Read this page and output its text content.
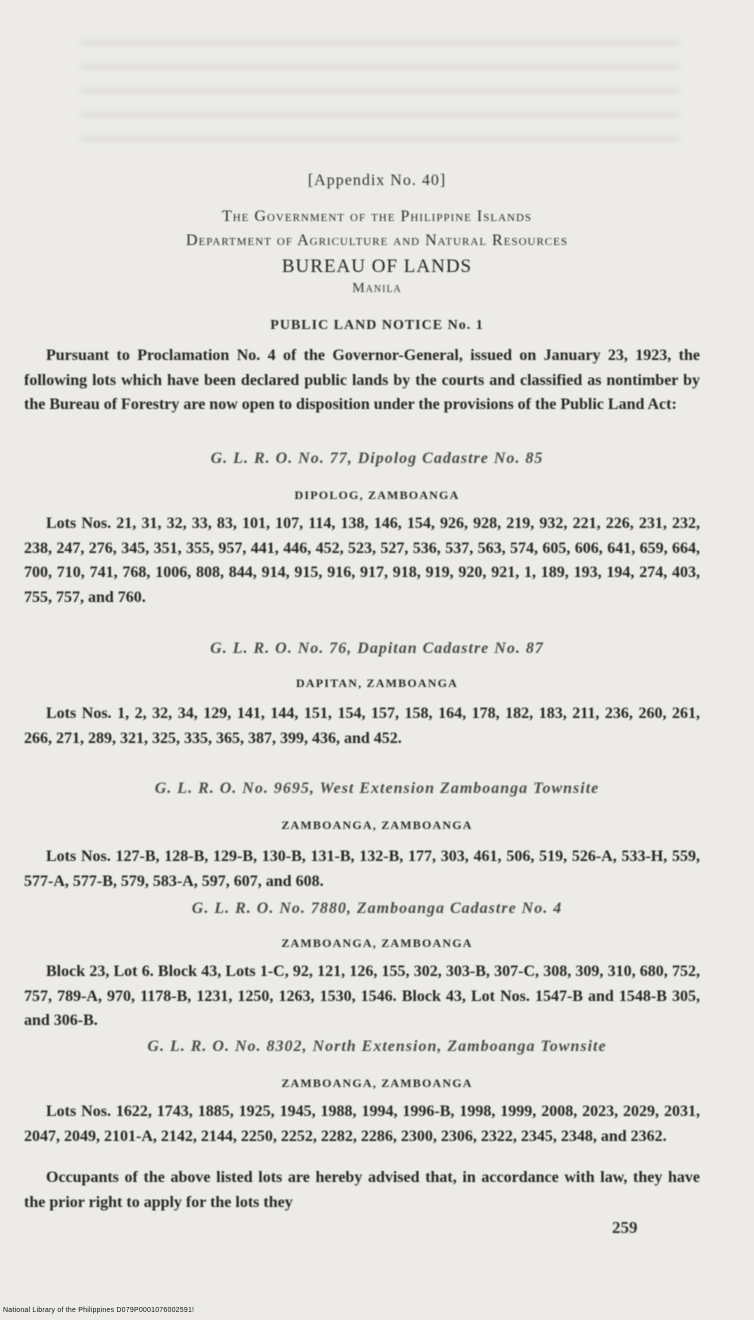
[Appendix No. 40]
The Government of the Philippine Islands
Department of Agriculture and Natural Resources
BUREAU OF LANDS
Manila
PUBLIC LAND NOTICE No. 1

Pursuant to Proclamation No. 4 of the Governor-General, issued on January 23, 1923, the following lots which have been declared public lands by the courts and classified as nontimber by the Bureau of Forestry are now open to disposition under the provisions of the Public Land Act:

G. L. R. O. No. 77, Dipolog Cadastre No. 85
DIPOLOG, ZAMBOANGA

Lots Nos. 21, 31, 32, 33, 83, 101, 107, 114, 138, 146, 154, 926, 928, 219, 932, 221, 226, 231, 232, 238, 247, 276, 345, 351, 355, 957, 441, 446, 452, 523, 527, 536, 537, 563, 574, 605, 606, 641, 659, 664, 700, 710, 741, 768, 1006, 808, 844, 914, 915, 916, 917, 918, 919, 920, 921, 1, 189, 193, 194, 274, 403, 755, 757, and 760.

G. L. R. O. No. 76, Dapitan Cadastre No. 87
DAPITAN, ZAMBOANGA

Lots Nos. 1, 2, 32, 34, 129, 141, 144, 151, 154, 157, 158, 164, 178, 182, 183, 211, 236, 260, 261, 266, 271, 289, 321, 325, 335, 365, 387, 399, 436, and 452.

G. L. R. O. No. 9695, West Extension Zamboanga Townsite
ZAMBOANGA, ZAMBOANGA

Lots Nos. 127-B, 128-B, 129-B, 130-B, 131-B, 132-B, 177, 303, 461, 506, 519, 526-A, 533-H, 559, 577-A, 577-B, 579, 583-A, 597, 607, and 608.

G. L. R. O. No. 7880, Zamboanga Cadastre No. 4
ZAMBOANGA, ZAMBOANGA

Block 23, Lot 6. Block 43, Lots 1-C, 92, 121, 126, 155, 302, 303-B, 307-C, 308, 309, 310, 680, 752, 757, 789-A, 970, 1178-B, 1231, 1250, 1263, 1530, 1546. Block 43, Lot Nos. 1547-B and 1548-B 305, and 306-B.

G. L. R. O. No. 8302, North Extension, Zamboanga Townsite
ZAMBOANGA, ZAMBOANGA

Lots Nos. 1622, 1743, 1885, 1925, 1945, 1988, 1994, 1996-B, 1998, 1999, 2008, 2023, 2029, 2031, 2047, 2049, 2101-A, 2142, 2144, 2250, 2252, 2282, 2286, 2300, 2306, 2322, 2345, 2348, and 2362.

Occupants of the above listed lots are hereby advised that, in accordance with law, they have the prior right to apply for the lots they

259
National Library of the Philippines D079P0001076002591!
